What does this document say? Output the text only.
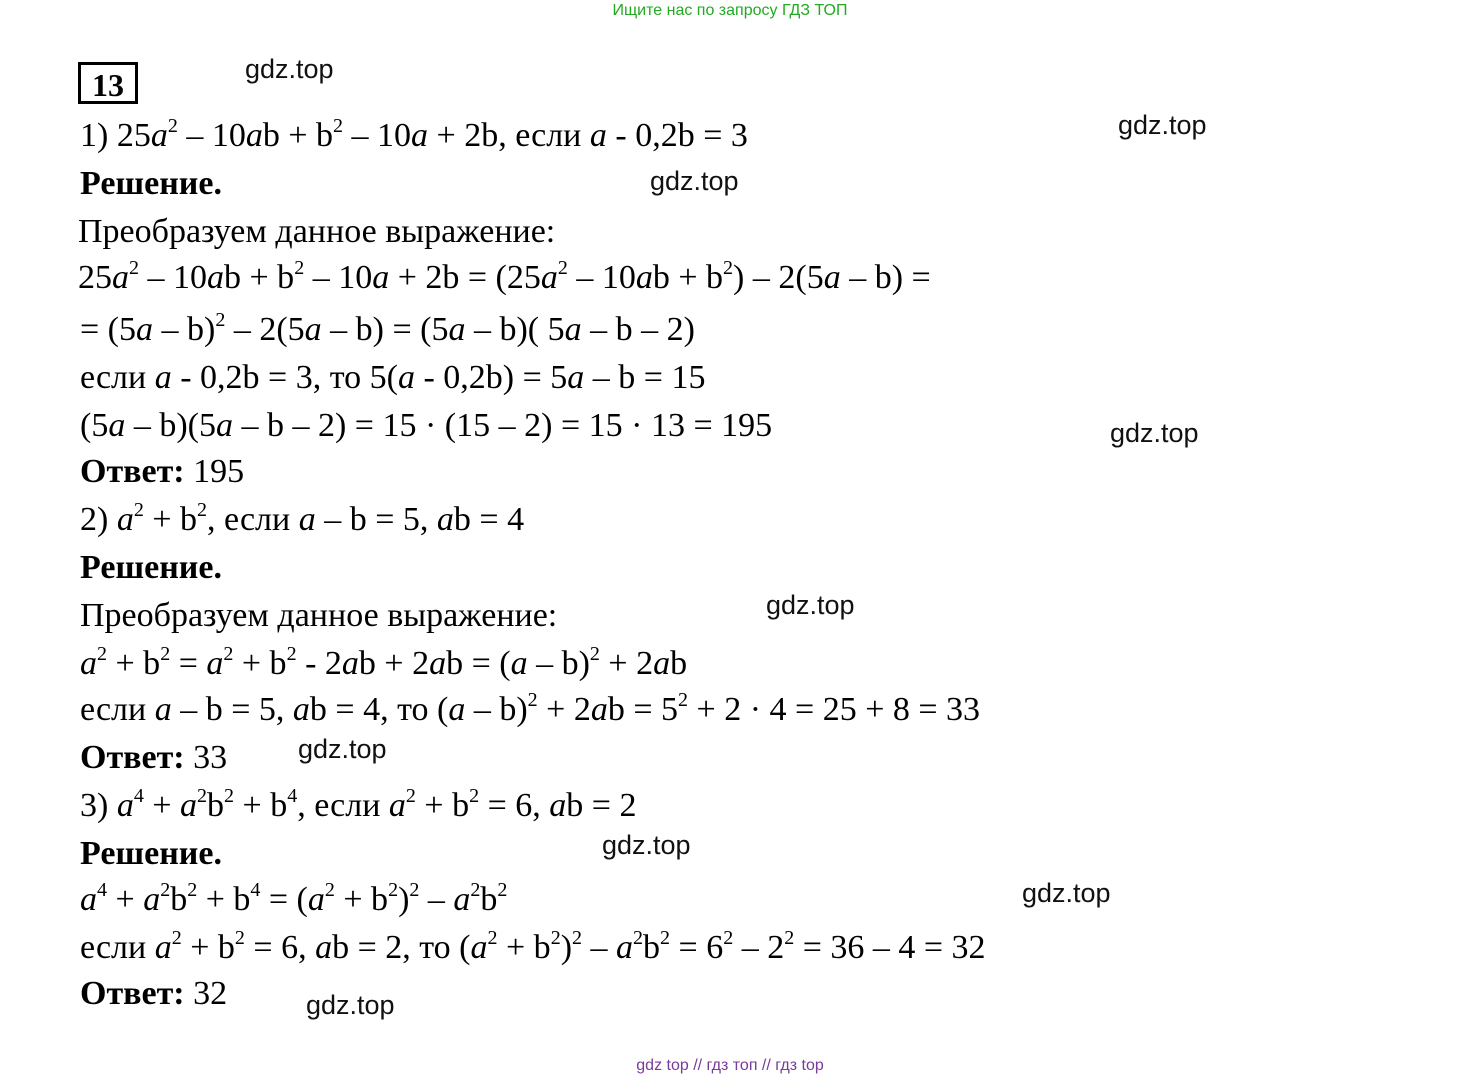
Ищите нас по запросу ГДЗ ТОП
13	gdz.top
gdz.top
gdz.top
gdz.top
gdz.top
gdz.top
gdz.top
gdz.top
gdz.top
1) $25a^2 - 10ab + b^2 - 10a + 2b$, если a - 0,2b = 3
Решение.
Преобразуем данное выражение:
$25a^2 - 10ab + b^2 - 10a + 2b = (25a^2 - 10ab + b^2) - 2(5a - b)$ =
= (5a – b)$^2$ – 2(5a – b) = (5a – b)( 5a – b – 2)
если a - 0,2b = 3, то 5(a - 0,2b) = 5a – b = 15
(5a – b)(5a – b – 2) = 15 · (15 – 2) = 15 · 13 = 195
Ответ: 195
2) $a^2 + b^2$, если a – b = 5, ab = 4
Решение.
Преобразуем данное выражение:
$a^2 + b^2 = a^2 + b^2 - 2ab + 2ab = (a - b)^2 + 2ab$
если a – b = 5, ab = 4, то $(a - b)^2 + 2ab = 5^2 + 2 \cdot 4 = 25 + 8 = 33$
Ответ: 33
3) $a^4 + a^2b^2 + b^4$, если $a^2 + b^2 = 6$, ab = 2
Решение.
$a^4 + a^2b^2 + b^4 = (a^2 + b^2)^2 - a^2b^2$
если $a^2 + b^2 = 6$, ab = 2, то $(a^2 + b^2)^2 - a^2b^2 = 6^2 - 2^2 = 36 - 4 = 32$
Ответ: 32
gdz top // гдз топ // гдз top
